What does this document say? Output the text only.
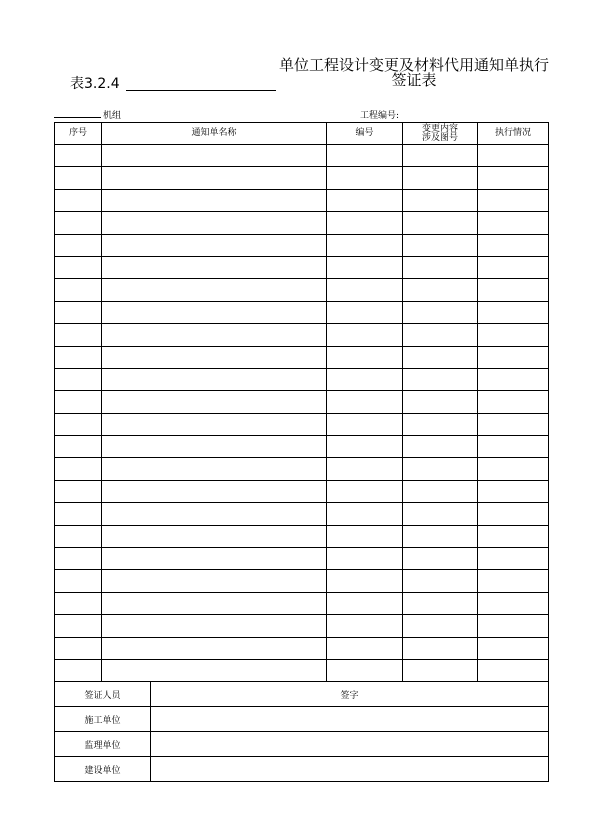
表3.2.4
单位工程设计变更及材料代用通知单执行签证表
机组	工程编号:
序号	通知单名称	编号	变更内容涉及图号	执行情况

签证人员	签字
施工单位	
监理单位	
建设单位	
